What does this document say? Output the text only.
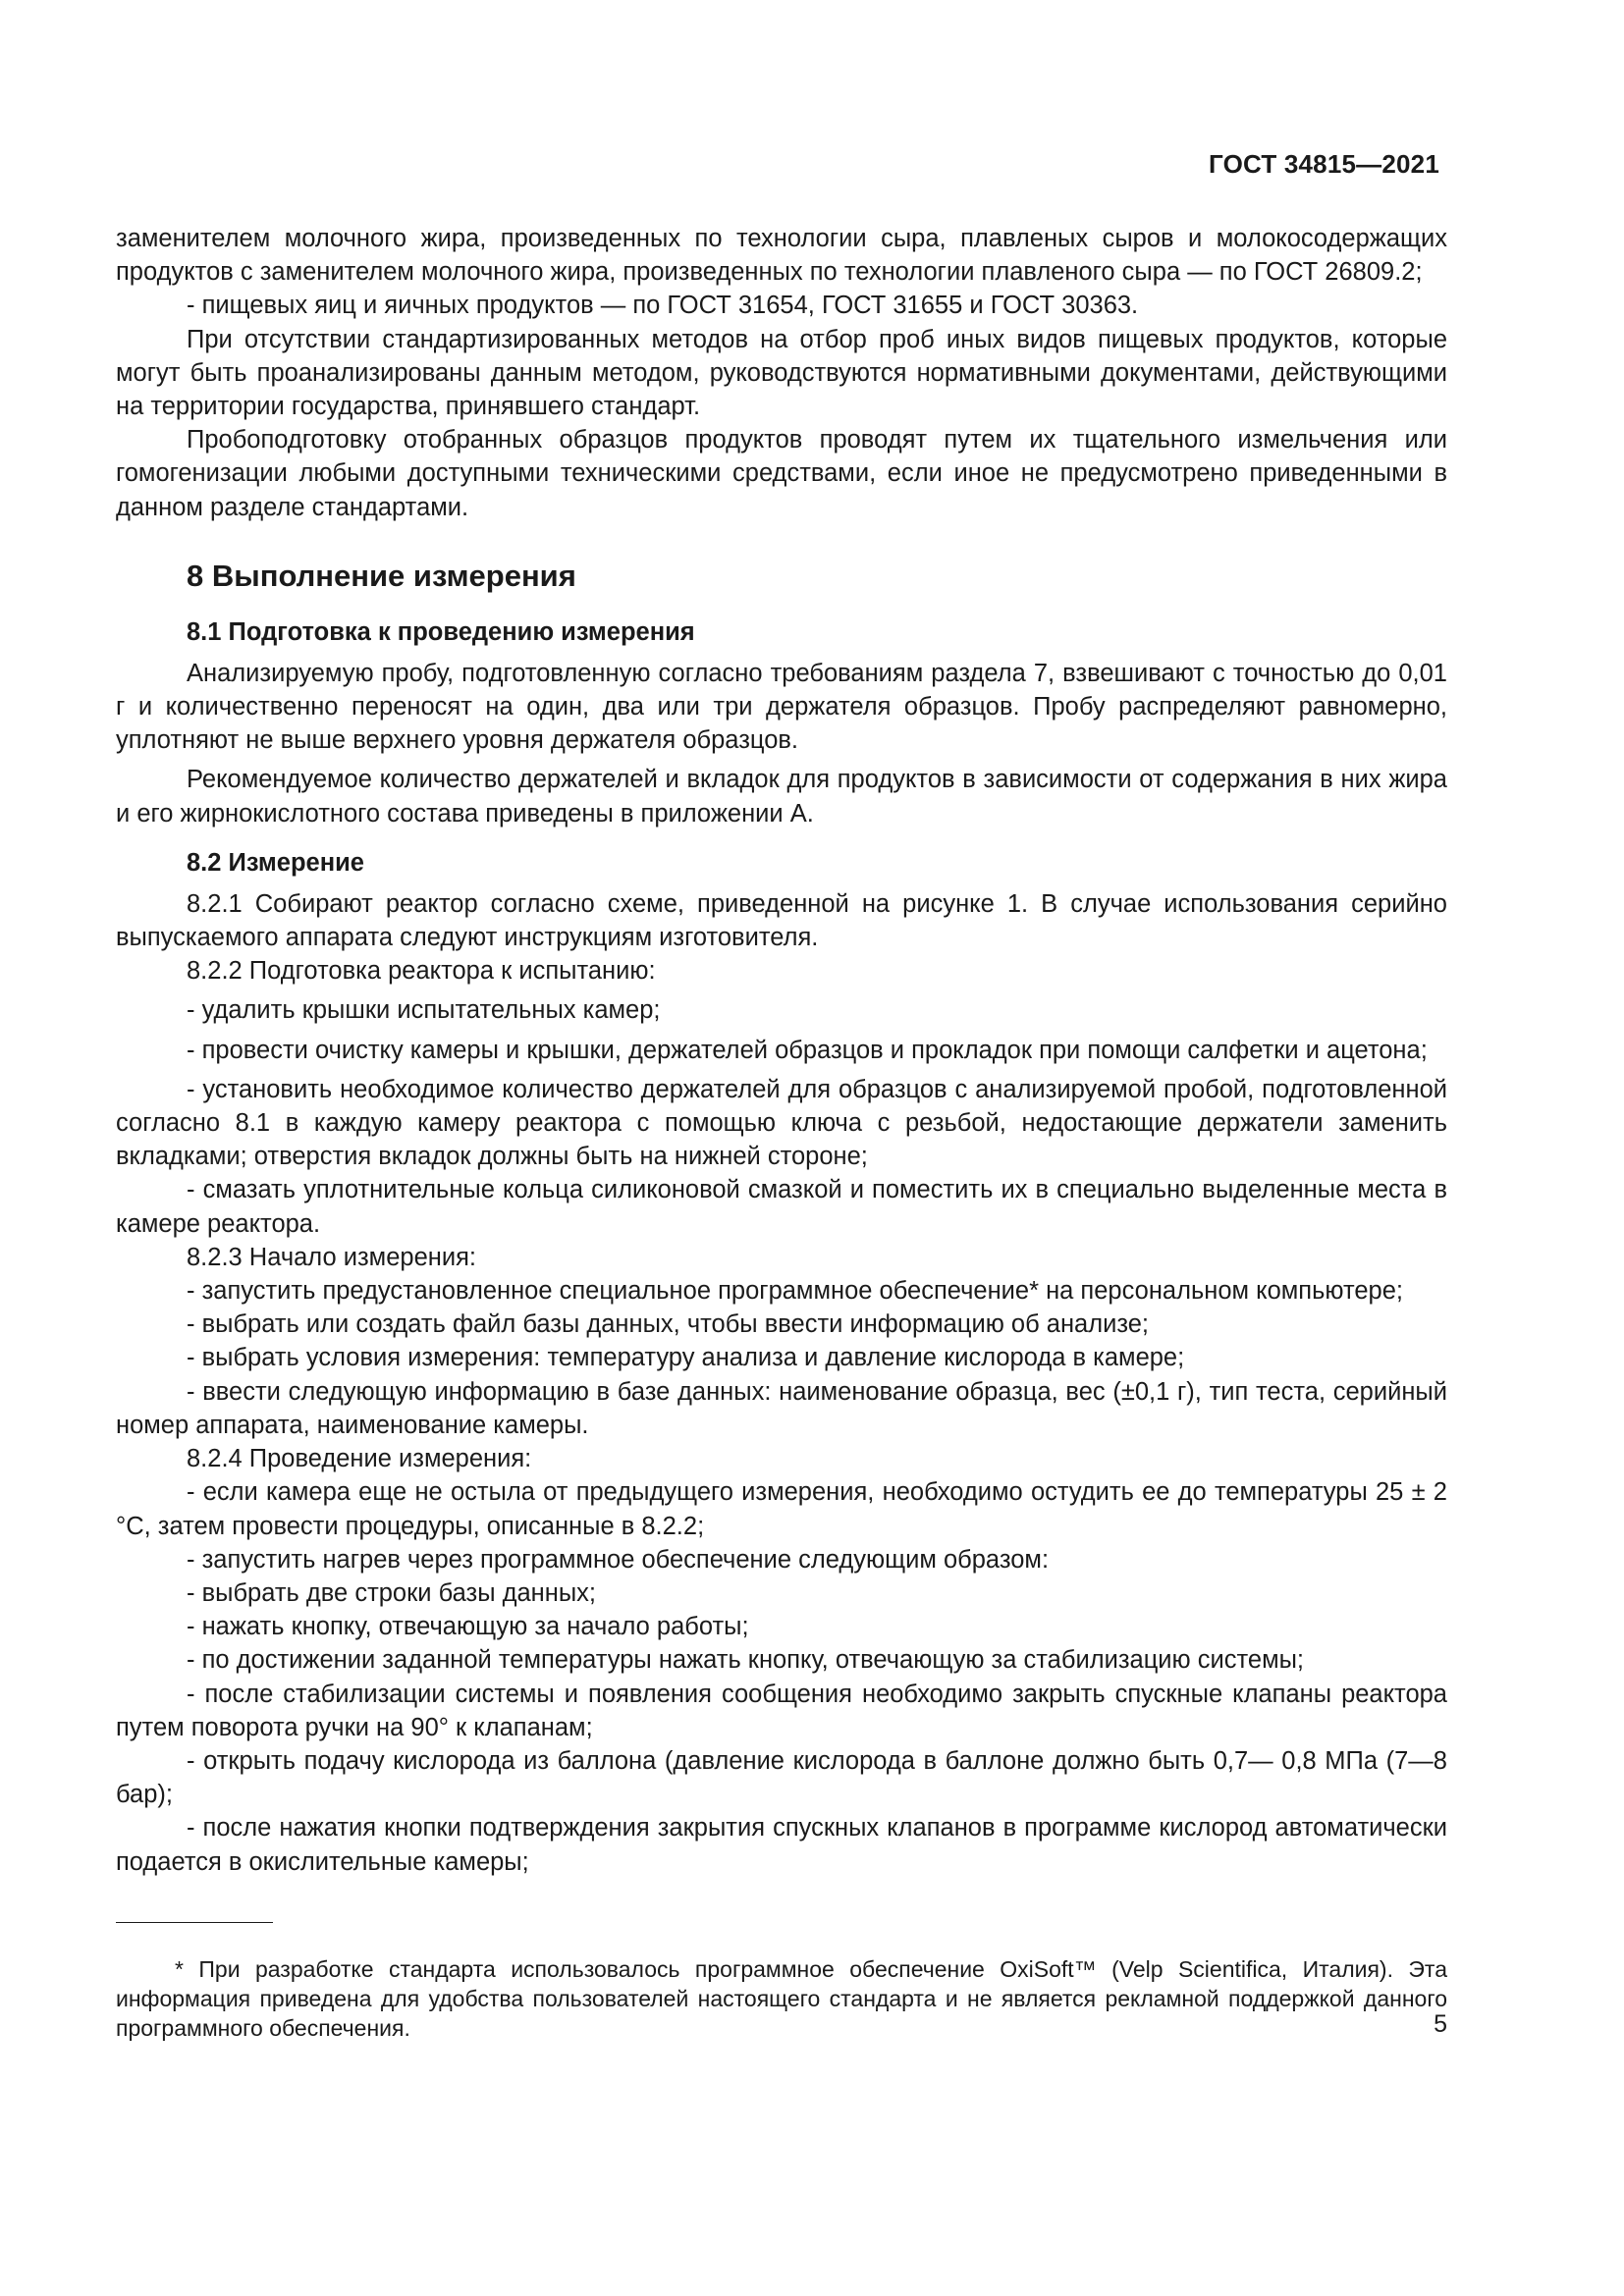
ГОСТ 34815—2021

заменителем молочного жира, произведенных по технологии сыра, плавленых сыров и молокосодержащих продуктов с заменителем молочного жира, произведенных по технологии плавленого сыра — по ГОСТ 26809.2;

- пищевых яиц и яичных продуктов — по ГОСТ 31654, ГОСТ 31655 и ГОСТ 30363.

При отсутствии стандартизированных методов на отбор проб иных видов пищевых продуктов, которые могут быть проанализированы данным методом, руководствуются нормативными документами, действующими на территории государства, принявшего стандарт.

Пробоподготовку отобранных образцов продуктов проводят путем их тщательного измельчения или гомогенизации любыми доступными техническими средствами, если иное не предусмотрено приведенными в данном разделе стандартами.

8 Выполнение измерения
8.1 Подготовка к проведению измерения

Анализируемую пробу, подготовленную согласно требованиям раздела 7, взвешивают с точностью до 0,01 г и количественно переносят на один, два или три держателя образцов. Пробу распределяют равномерно, уплотняют не выше верхнего уровня держателя образцов.

Рекомендуемое количество держателей и вкладок для продуктов в зависимости от содержания в них жира и его жирнокислотного состава приведены в приложении А.

8.2 Измерение

8.2.1 Собирают реактор согласно схеме, приведенной на рисунке 1. В случае использования серийно выпускаемого аппарата следуют инструкциям изготовителя.

8.2.2 Подготовка реактора к испытанию:

- удалить крышки испытательных камер;

- провести очистку камеры и крышки, держателей образцов и прокладок при помощи салфетки и ацетона;

- установить необходимое количество держателей для образцов с анализируемой пробой, подготовленной согласно 8.1 в каждую камеру реактора с помощью ключа с резьбой, недостающие держатели заменить вкладками; отверстия вкладок должны быть на нижней стороне;

- смазать уплотнительные кольца силиконовой смазкой и поместить их в специально выделенные места в камере реактора.

8.2.3 Начало измерения:

- запустить предустановленное специальное программное обеспечение* на персональном компьютере;

- выбрать или создать файл базы данных, чтобы ввести информацию об анализе;

- выбрать условия измерения: температуру анализа и давление кислорода в камере;

- ввести следующую информацию в базе данных: наименование образца, вес (±0,1 г), тип теста, серийный номер аппарата, наименование камеры.

8.2.4 Проведение измерения:

- если камера еще не остыла от предыдущего измерения, необходимо остудить ее до температуры 25 ± 2 °С, затем провести процедуры, описанные в 8.2.2;

- запустить нагрев через программное обеспечение следующим образом:

- выбрать две строки базы данных;

- нажать кнопку, отвечающую за начало работы;

- по достижении заданной температуры нажать кнопку, отвечающую за стабилизацию системы;

- после стабилизации системы и появления сообщения необходимо закрыть спускные клапаны реактора путем поворота ручки на 90° к клапанам;

- открыть подачу кислорода из баллона (давление кислорода в баллоне должно быть 0,7— 0,8 МПа (7—8 бар);

- после нажатия кнопки подтверждения закрытия спускных клапанов в программе кислород автоматически подается в окислительные камеры;

* При разработке стандарта использовалось программное обеспечение OxiSoft™ (Velp Scientifica, Италия). Эта информация приведена для удобства пользователей настоящего стандарта и не является рекламной поддержкой данного программного обеспечения.	5
